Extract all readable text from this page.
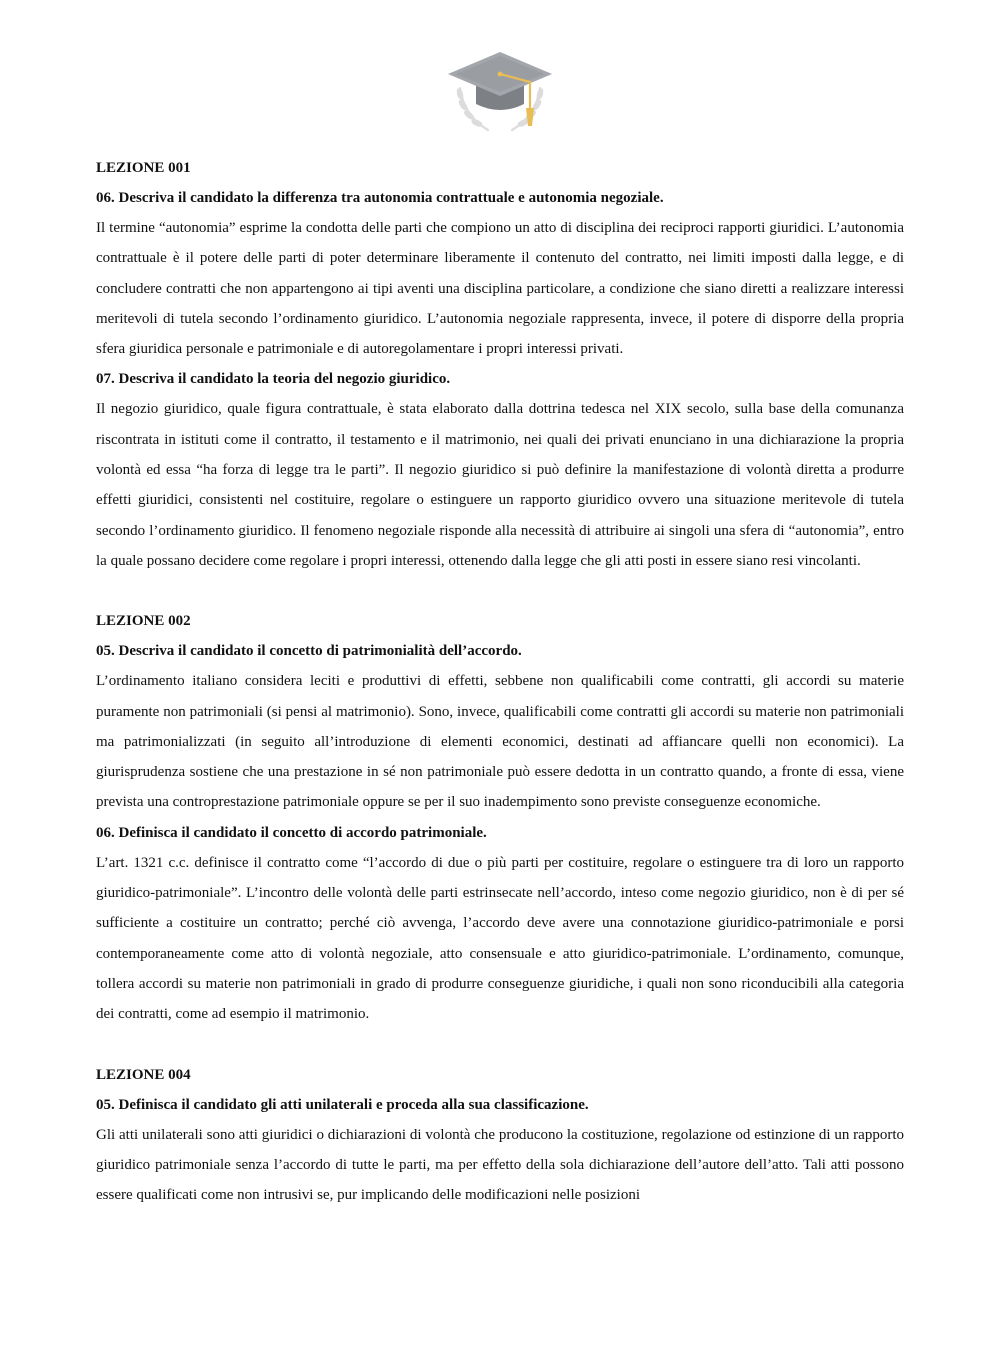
LEZIONE 001

06. Descriva il candidato la differenza tra autonomia contrattuale e autonomia negoziale.

Il termine “autonomia” esprime la condotta delle parti che compiono un atto di disciplina dei reciproci rapporti giuridici. L’autonomia contrattuale è il potere delle parti di poter determinare liberamente il contenuto del contratto, nei limiti imposti dalla legge, e di concludere contratti che non appartengono ai tipi aventi una disciplina particolare, a condizione che siano diretti a realizzare interessi meritevoli di tutela secondo l’ordinamento giuridico. L’autonomia negoziale rappresenta, invece, il potere di disporre della propria sfera giuridica personale e patrimoniale e di autoregolamentare i propri interessi privati.

07. Descriva il candidato la teoria del negozio giuridico.

Il negozio giuridico, quale figura contrattuale, è stata elaborato dalla dottrina tedesca nel XIX secolo, sulla base della comunanza riscontrata in istituti come il contratto, il testamento e il matrimonio, nei quali dei privati enunciano in una dichiarazione la propria volontà ed essa “ha forza di legge tra le parti”. Il negozio giuridico si può definire la manifestazione di volontà diretta a produrre effetti giuridici, consistenti nel costituire, regolare o estinguere un rapporto giuridico ovvero una situazione meritevole di tutela secondo l’ordinamento giuridico. Il fenomeno negoziale risponde alla necessità di attribuire ai singoli una sfera di “autonomia”, entro la quale possano decidere come regolare i propri interessi, ottenendo dalla legge che gli atti posti in essere siano resi vincolanti.

LEZIONE 002

05. Descriva il candidato il concetto di patrimonialità dell’accordo.

L’ordinamento italiano considera leciti e produttivi di effetti, sebbene non qualificabili come contratti, gli accordi su materie puramente non patrimoniali (si pensi al matrimonio). Sono, invece, qualificabili come contratti gli accordi su materie non patrimoniali ma patrimonializzati (in seguito all’introduzione di elementi economici, destinati ad affiancare quelli non economici). La giurisprudenza sostiene che una prestazione in sé non patrimoniale può essere dedotta in un contratto quando, a fronte di essa, viene prevista una controprestazione patrimoniale oppure se per il suo inadempimento sono previste conseguenze economiche.

06. Definisca il candidato il concetto di accordo patrimoniale.

L’art. 1321 c.c. definisce il contratto come “l’accordo di due o più parti per costituire, regolare o estinguere tra di loro un rapporto giuridico-patrimoniale”. L’incontro delle volontà delle parti estrinsecate nell’accordo, inteso come negozio giuridico, non è di per sé sufficiente a costituire un contratto; perché ciò avvenga, l’accordo deve avere una connotazione giuridico-patrimoniale e porsi contemporaneamente come atto di volontà negoziale, atto consensuale e atto giuridico-patrimoniale. L’ordinamento, comunque, tollera accordi su materie non patrimoniali in grado di produrre conseguenze giuridiche, i quali non sono riconducibili alla categoria dei contratti, come ad esempio il matrimonio.

LEZIONE 004

05. Definisca il candidato gli atti unilaterali e proceda alla sua classificazione.

Gli atti unilaterali sono atti giuridici o dichiarazioni di volontà che producono la costituzione, regolazione od estinzione di un rapporto giuridico patrimoniale senza l’accordo di tutte le parti, ma per effetto della sola dichiarazione dell’autore dell’atto. Tali atti possono essere qualificati come non intrusivi se, pur implicando delle modificazioni nelle posizioni
